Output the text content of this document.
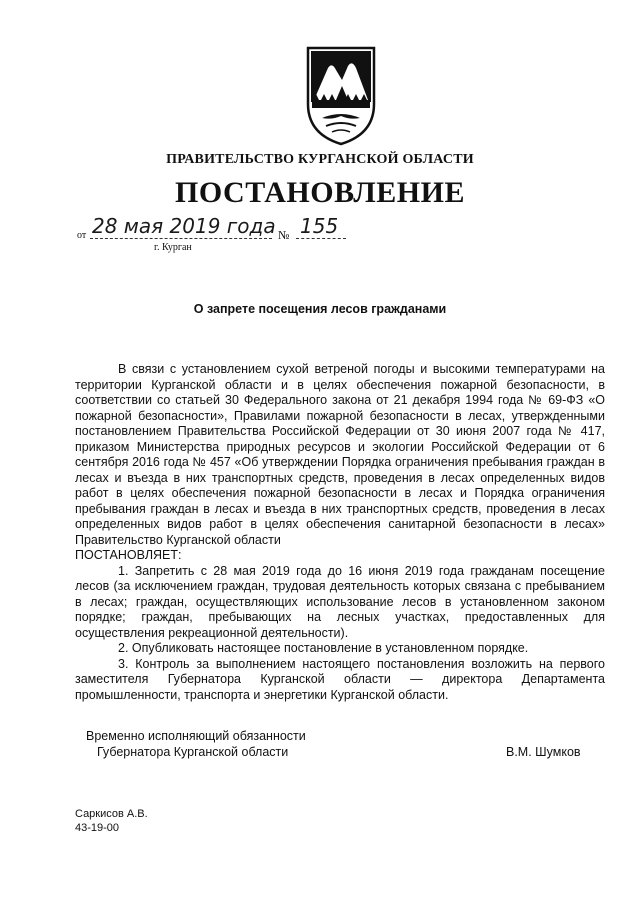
ПРАВИТЕЛЬСТВО КУРГАНСКОЙ ОБЛАСТИ
ПОСТАНОВЛЕНИЕ
от 28 мая 2019 года № 155
г. Курган
О запрете посещения лесов гражданами

В связи с установлением сухой ветреной погоды и высокими температурами на территории Курганской области и в целях обеспечения пожарной безопасности, в соответствии со статьей 30 Федерального закона от 21 декабря 1994 года № 69-ФЗ «О пожарной безопасности», Правилами пожарной безопасности в лесах, утвержденными постановлением Правительства Российской Федерации от 30 июня 2007 года № 417, приказом Министерства природных ресурсов и экологии Российской Федерации от 6 сентября 2016 года № 457 «Об утверждении Порядка ограничения пребывания граждан в лесах и въезда в них транспортных средств, проведения в лесах определенных видов работ в целях обеспечения пожарной безопасности в лесах и Порядка ограничения пребывания граждан в лесах и въезда в них транспортных средств, проведения в лесах определенных видов работ в целях обеспечения санитарной безопасности в лесах» Правительство Курганской области

ПОСТАНОВЛЯЕТ:

1. Запретить с 28 мая 2019 года до 16 июня 2019 года гражданам посещение лесов (за исключением граждан, трудовая деятельность которых связана с пребыванием в лесах; граждан, осуществляющих использование лесов в установленном законом порядке; граждан, пребывающих на лесных участках, предоставленных для осуществления рекреационной деятельности).

2. Опубликовать настоящее постановление в установленном порядке.

3. Контроль за выполнением настоящего постановления возложить на первого заместителя Губернатора Курганской области — директора Департамента промышленности, транспорта и энергетики Курганской области.

Временно исполняющий обязанности
Губернатора Курганской области	В.М. Шумков
Саркисов А.В.
43-19-00
